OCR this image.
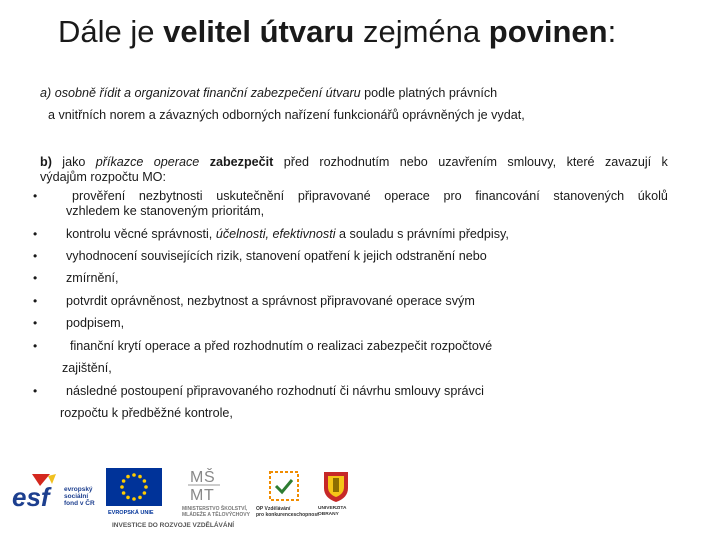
Dále je velitel útvaru zejména povinen:
a) osobně řídit a organizovat finanční zabezpečení útvaru podle platných právních
a vnitřních norem a závazných odborných nařízení funkcionářů oprávněných je vydat,
b) jako příkazce operace zabezpečit před rozhodnutím nebo uzavřením smlouvy, které zavazují k
výdajům rozpočtu MO:
•	prověření nezbytnosti uskutečnění připravované operace pro financování stanovených úkolů
vzhledem ke stanoveným prioritám,
• kontrolu věcné správnosti, účelnosti, efektivnosti a souladu s právními předpisy,
• vyhodnocení souvisejících rizik, stanovení opatření k jejich odstranění nebo
• zmírnění,
• potvrdit oprávněnost, nezbytnost a správnost připravované operace svým
• podpisem,
•	finanční krytí operace a před rozhodnutím o realizaci zabezpečit rozpočtové
zajištění,
• následné postoupení připravovaného rozhodnutí či návrhu smlouvy správci
rozpočtu k předběžné kontrole,
esf evropský
sociální
fond v ČR
EVROPSKÁ UNIE
M Š
M T
MINISTERSTVO ŠKOLSTVÍ,
MLÁDEŽE A TĚLOVÝCHOVY
OP Vzdělávání
pro konkurenceschopnost
UNIVERZITA
OBRANY
INVESTICE DO ROZVOJE VZDĚLÁVÁNÍ
